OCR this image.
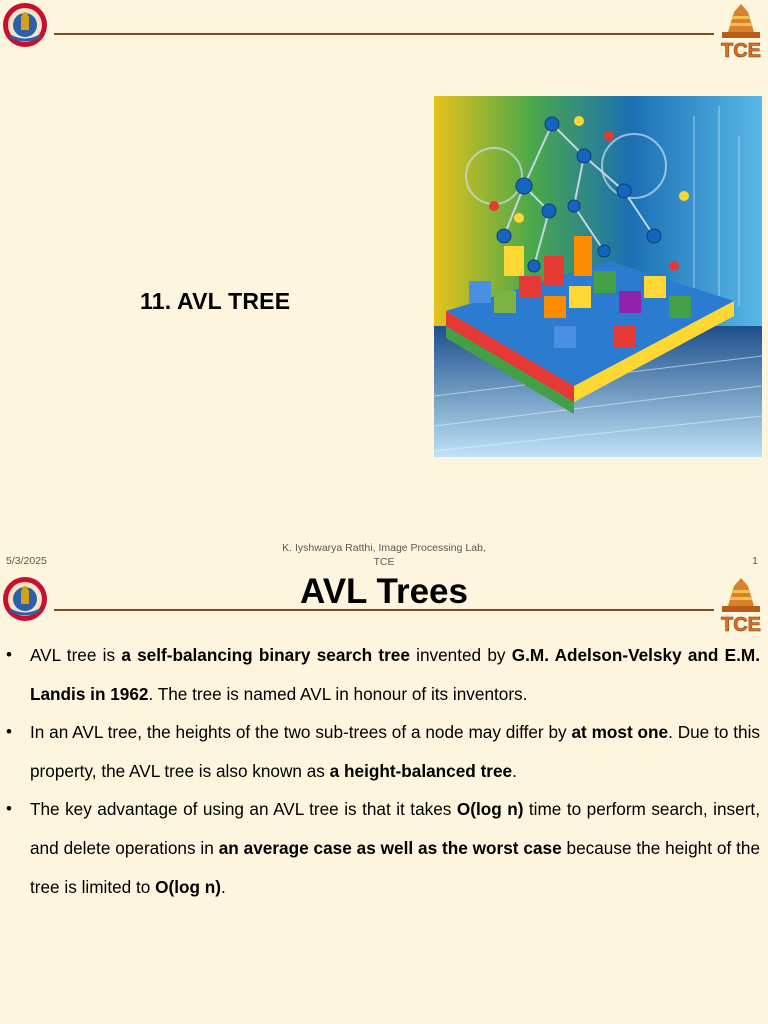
TCE
11. AVL TREE
5/3/2025
K. Iyshwarya Ratthi, Image Processing Lab,
TCE	1
TCE
AVL Trees
• AVL tree is a self-balancing binary search tree invented by G.M. Adelson-Velsky and E.M. Landis in 1962. The tree is named AVL in honour of its inventors.
• In an AVL tree, the heights of the two sub-trees of a node may differ by at most one. Due to this property, the AVL tree is also known as a height-balanced tree.
• The key advantage of using an AVL tree is that it takes O(log n) time to perform search, insert, and delete operations in an average case as well as the worst case because the height of the tree is limited to O(log n).
